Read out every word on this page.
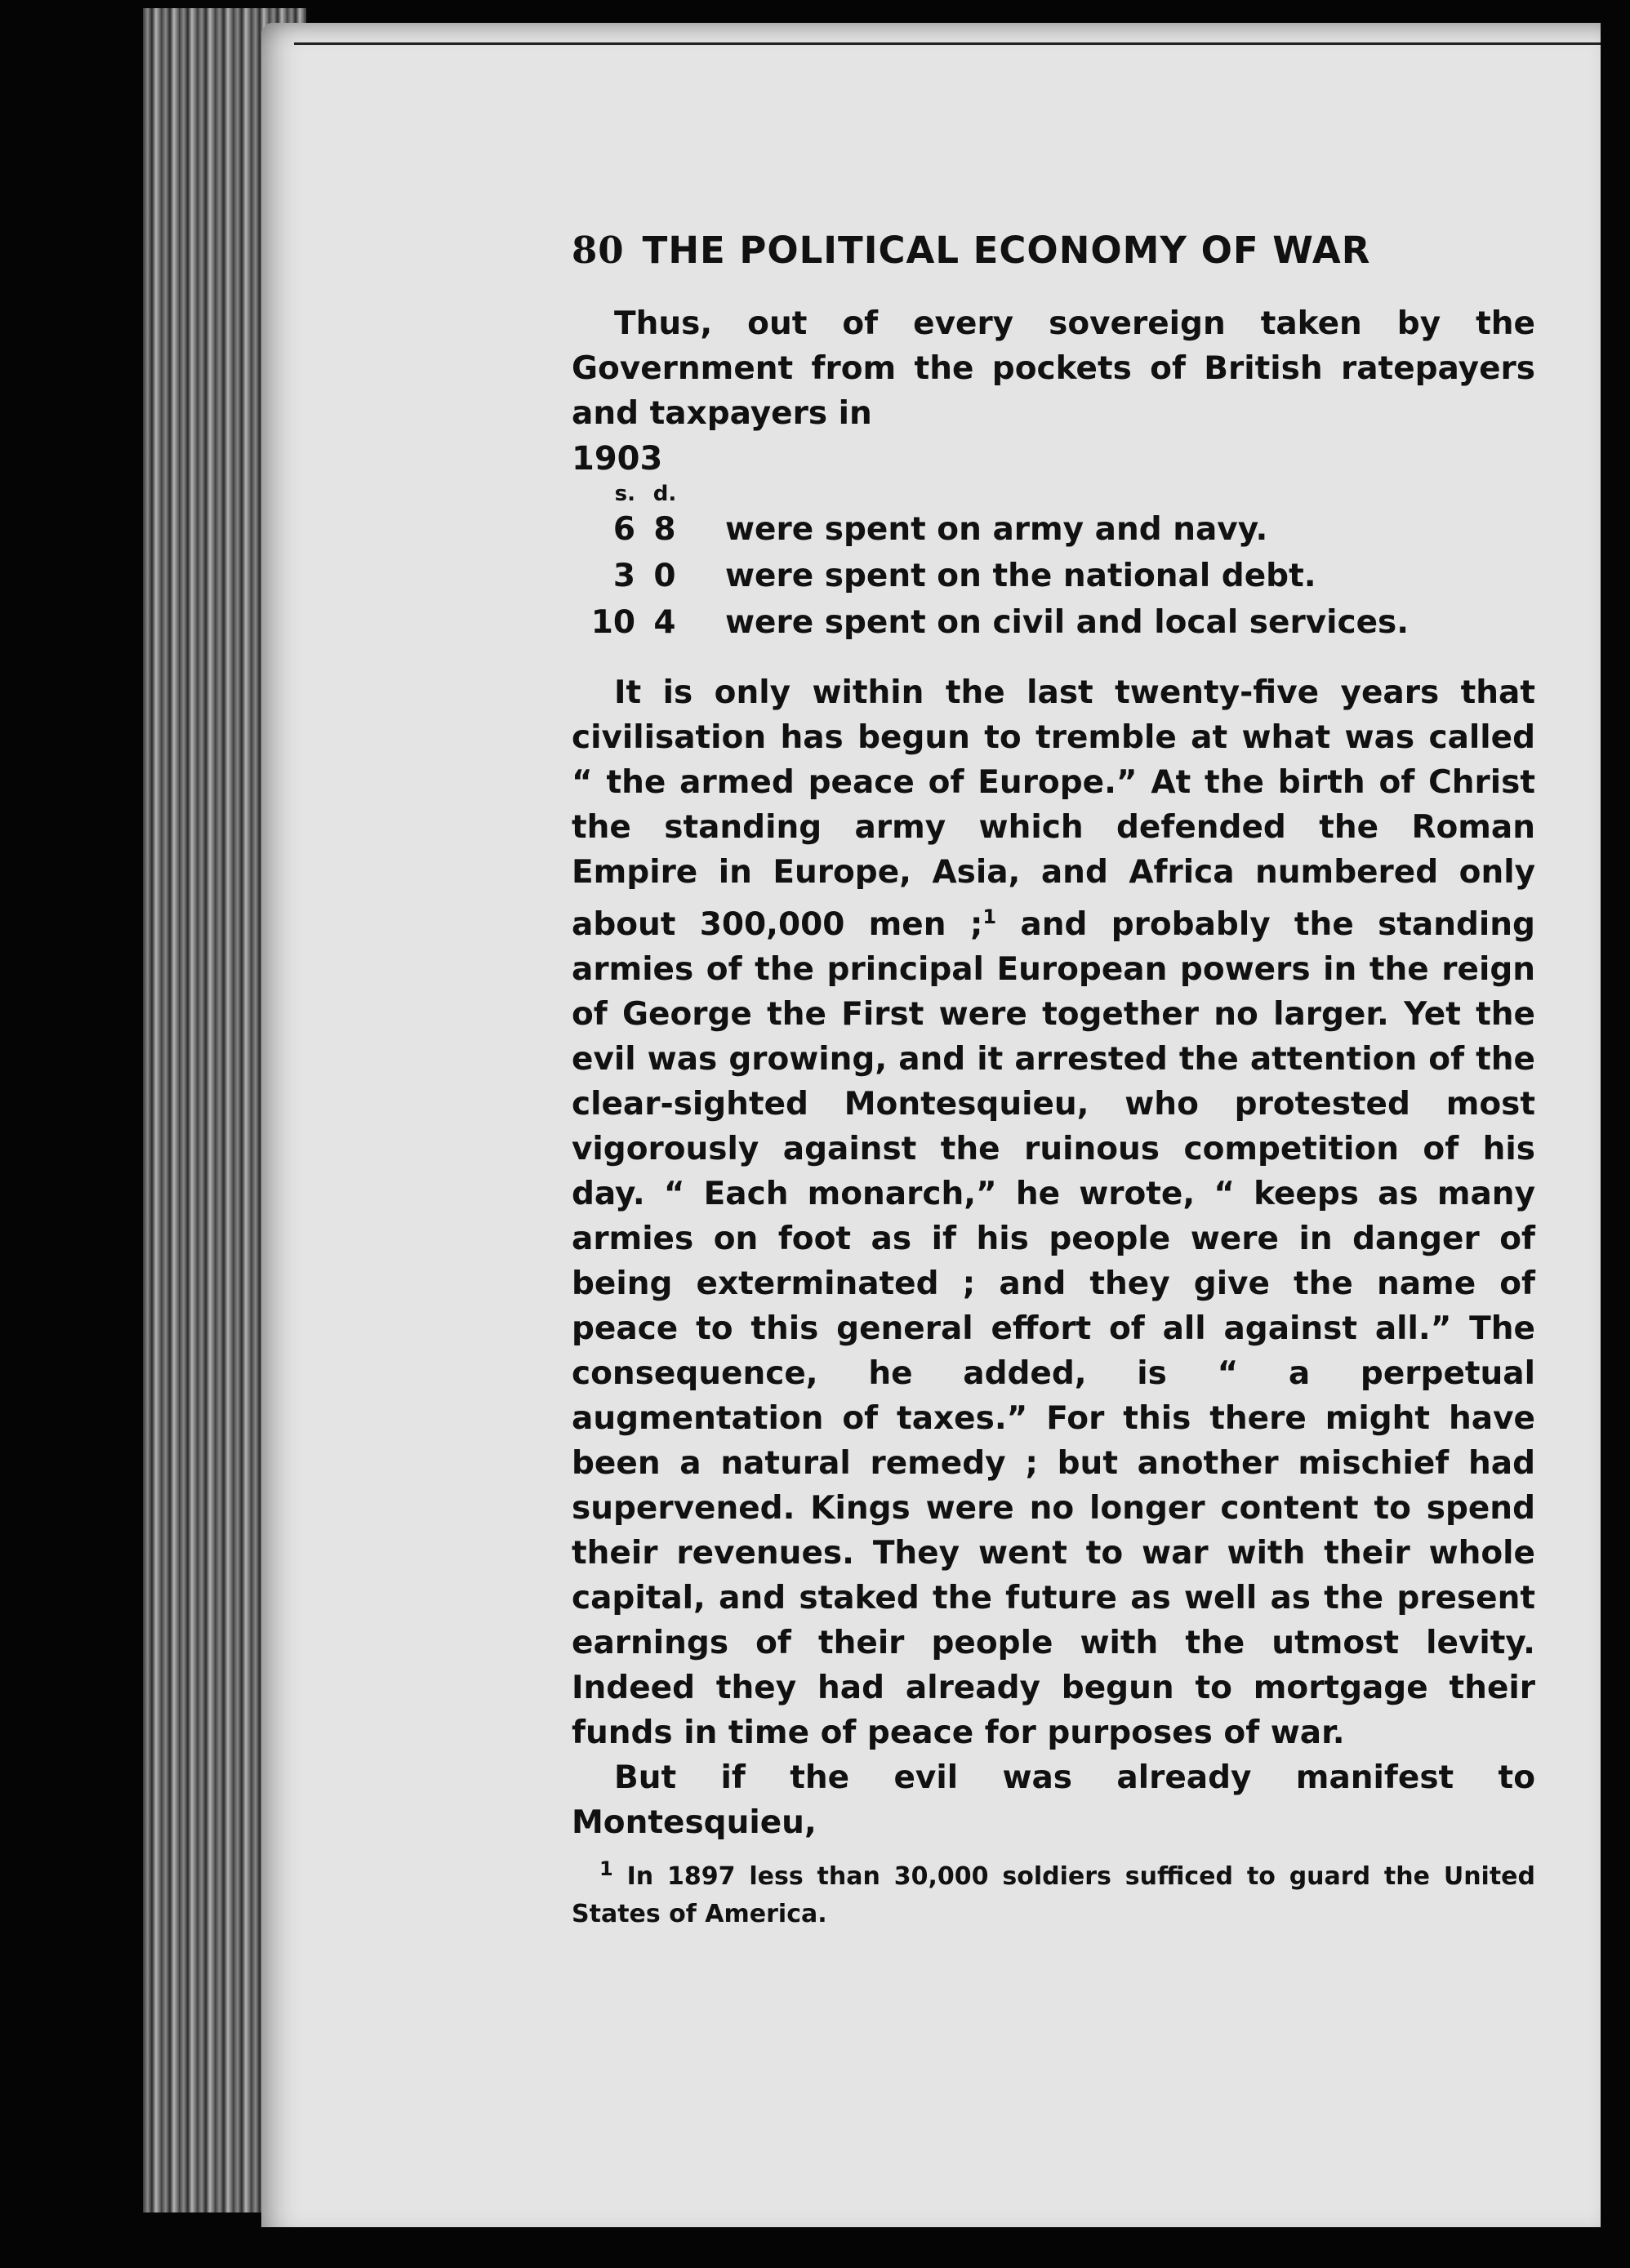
80 THE POLITICAL ECONOMY OF WAR

Thus, out of every sovereign taken by the Government from the pockets of British ratepayers and taxpayers in

1903
s. d.
6 8	were spent on army and navy.
3 0	were spent on the national debt.
10 4	were spent on civil and local services.

It is only within the last twenty-five years that civilisation has begun to tremble at what was called “ the armed peace of Europe.” At the birth of Christ the standing army which defended the Roman Empire in Europe, Asia, and Africa numbered only about 300,000 men ;$^1$ and probably the standing armies of the principal European powers in the reign of George the First were together no larger. Yet the evil was growing, and it arrested the attention of the clear-sighted Montesquieu, who protested most vigorously against the ruinous competition of his day. “ Each monarch,” he wrote, “ keeps as many armies on foot as if his people were in danger of being exterminated ; and they give the name of peace to this general effort of all against all.” The consequence, he added, is “ a perpetual augmentation of taxes.” For this there might have been a natural remedy ; but another mischief had supervened. Kings were no longer content to spend their revenues. They went to war with their whole capital, and staked the future as well as the present earnings of their people with the utmost levity. Indeed they had already begun to mortgage their funds in time of peace for purposes of war.

But if the evil was already manifest to Montesquieu,

$^1$ In 1897 less than 30,000 soldiers sufficed to guard the United States of America.
